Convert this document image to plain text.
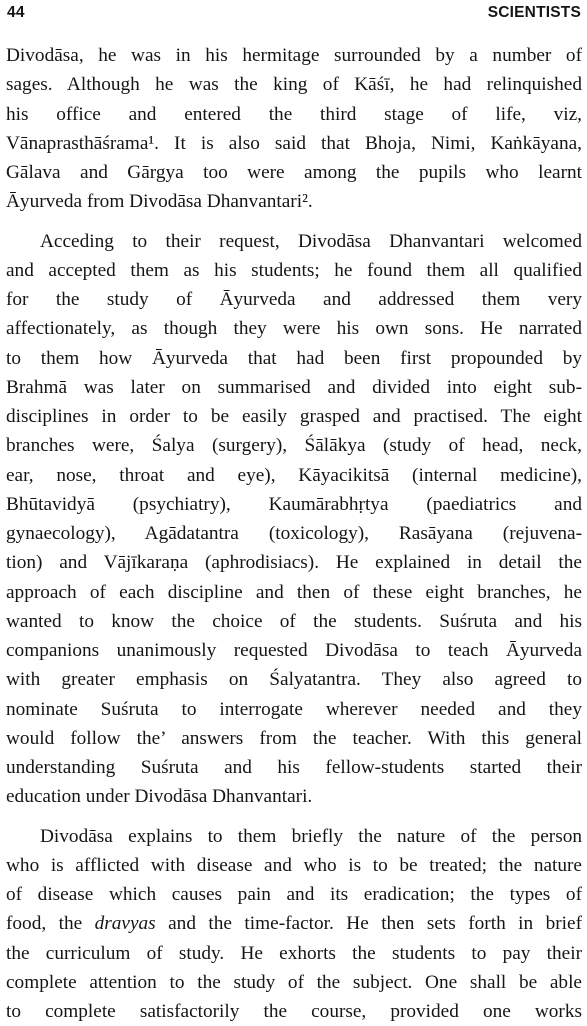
44	SCIENTISTS
Divodāsa, he was in his hermitage surrounded by a number of
sages. Although he was the king of Kāśī, he had relinquished
his office and entered the third stage of life, viz,
Vānaprasthāśrama¹. It is also said that Bhoja, Nimi, Kaṅkāyana,
Gālava and Gārgya too were among the pupils who learnt
Āyurveda from Divodāsa Dhanvantari².
Acceding to their request, Divodāsa Dhanvantari welcomed
and accepted them as his students; he found them all qualified
for the study of Āyurveda and addressed them very
affectionately, as though they were his own sons. He narrated
to them how Āyurveda that had been first propounded by
Brahmā was later on summarised and divided into eight sub-
disciplines in order to be easily grasped and practised. The eight
branches were, Śalya (surgery), Śālākya (study of head, neck,
ear, nose, throat and eye), Kāyacikitsā (internal medicine),
Bhūtavidyā (psychiatry), Kaumārabhṛtya (paediatrics and
gynaecology), Agādatantra (toxicology), Rasāyana (rejuvena-
tion) and Vājīkaraṇa (aphrodisiacs). He explained in detail the
approach of each discipline and then of these eight branches, he
wanted to know the choice of the students. Suśruta and his
companions unanimously requested Divodāsa to teach Āyurveda
with greater emphasis on Śalyatantra. They also agreed to
nominate Suśruta to interrogate wherever needed and they
would follow the’ answers from the teacher. With this general
understanding Suśruta and his fellow-students started their
education under Divodāsa Dhanvantari.
Divodāsa explains to them briefly the nature of the person
who is afflicted with disease and who is to be treated; the nature
of disease which causes pain and its eradication; the types of
food, the dravyas and the time-factor. He then sets forth in brief
the curriculum of study. He exhorts the students to pay their
complete attention to the study of the subject. One shall be able
to complete satisfactorily the course, provided one works
